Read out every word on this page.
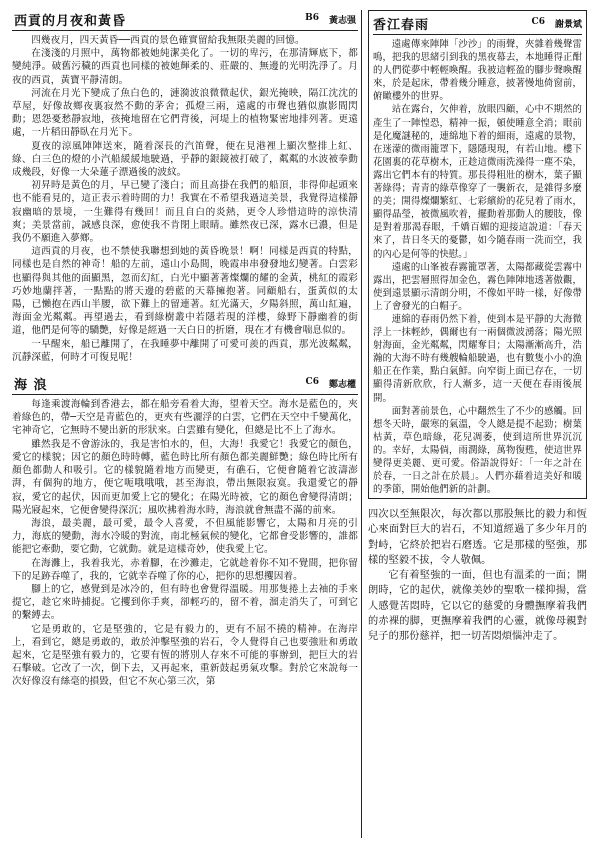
西貢的月夜和黃昏	B6 黃志强

四幾夜月，四天黃昏──西貢的景色確實留給我無限美麗的回憶。

在淺淺的月照中，萬物都被她純潔美化了。一切的卑污，在那清輝底下，都變純淨。破舊污穢的西貢也同樣的被她輝柔的、莊嚴的、無邊的光明洗淨了。月夜的西貢，黃寶平靜清朗。

河流在月光下變成了魚白色的，漣漪波浪微微起伏，銀光掩映，隔江沈沈的草屋，好像故鄉夜裏寂然不動的茅舍；孤燈三兩，遠處的市聲也猶似旗影間閃動；恩怨憂愁靜寂地，孩掩地留在它們背後，河堤上的植物緊密地排列著。更遠處，一片稻田靜臥在月光下。

夏夜的涼風陣陣送來，隨着深長的汽笛聲，便在見港裡上顯次整排上紅、綠、白三色的燈的小汽船緩緩地駛過，乎靜的銀鏡被打破了，粼粼的水波被拳動成幾段，好像一大朵蓮子漂過後的波紋。

初昇時是黃色的月，早已變了淺白；而且高掛在我們的船頂，非得仰起頭來也不能看見的，這正表示着時間的力！我實在不希望我過這美景，我覺得這樣靜寂幽暗的景境，一生難得有幾回！而且自白的炎熱，更令人珍惜這時的涼快清爽；美景當前，誠感良深，愈使我不肯閉上眼睛。雖然夜已深，露水已濃，但是我仍不願進入夢鄉。

這西貢的月夜，也不禁使我聯想到她的黃昏晚景！啊！同樣是西貢的特點，同樣也是自然的神奇！船的左前，遠山小島間，晚霞串串發發地幻變著。白雲彩也顯得與其他的面顯黑，忽而幻紅，白光中顯著著燦爛的耀的金黃，桃紅的霞彩巧妙地蘭拌著，一點點的將天邊的碧藍的天幕擁抱著。同顧船右，蛋黃似的太陽，已懶抱在西山半腰，欲下難上的留連著。紅光滿天，夕陽斜照，萬山紅遍，海面金光粼粼。再望過去，看到綠樹叢中若隱若現的洋樓，綠野下靜幽着的街道，他們是何等的驕艷，好像是經過一天白日的折磨，現在才有機會喘息似的。

一早醒來，船已離開了，在我睡夢中離開了可愛可羨的西貢，那光波粼粼，沉靜深藍，何時才可復見呢！

海 浪	C6 鄭志權

每逢乘渡海輪到香港去，都在船旁看着大海，望着天空。海水是藍色的，夾着綠色的，帶─天空是青藍色的，更夾有些灑浮的白雲，它們在天空中千變萬化，宅神奇它，它無時不變出新的形狀來。白雲雖有變化，但總是比不上了海水。

雖然我是不會游泳的，我是害怕水的，但，大海！我愛它！我愛它的顏色，愛它的樣貌；因它的顏色時時轉，藍色時比所有顏色都美麗鮮艷；綠色時比所有顏色都動人和吸引。它的樣貌隨着地方而變更，有礁石，它便會隨着它波濤澎湃，有個狗的地方，便它呃哦哦哦，甚至海浪，帶出無限寂寞。我還愛它的靜寂，愛它的起伏，因而更加愛上它的變化；在陽光時被，它的顏色會變得清朗；陽光寢起來，它便會變得深沉；風吹拂着海水時，海浪就會無盡不滿的前來。

海浪，最美麗，最可愛，最令人喜愛，不但風能影響它，太陽和月亮的引力，海底的變動，海水冷暖的對流，南北極氣候的變化，它都會受影響的，誰都能把它牽動，要它動，它就動。就是這樣奇妙，使我愛上它。

在海灘上，我着我光，赤着腳，在沙灘走，它就趁着你不知不覺間，把你留下的足跡吞噬了，我的，它就幸吞噬了你的心，把你的思想攫因着。

腳上的它，感覺到是冰冷的，但有時也會覺得溫暖。用那隻捲上去袖的手來提它，趁它來時捕捉。它攫到你手爽，卻輕巧的，留不着，溜走消失了，可到它的繫縛去。

它是勇敢的，它是堅強的，它是有毅力的，更有不屈不撓的精神。在海岸上，看到它，總是勇敢的，敢於沖擊堅強的岩石，令人覺得自己也要強壯和勇敢起來，它是堅強有毅力的，它要有恆的將別人存來不可能的事辦到，把巨大的岩石擊破。它改了一次，倒下去，又再起來，重新鼓起勇氣攻擊。對於它來說每一次好像沒有絲毫的損毀，但它不灰心第三次，第

香江春雨	C6 謝景斌

遠處傳來陣陣「沙沙」的雨聲，夾雜着幾聲雷鳴，把我的思緒引到我的黑夜幕去，本地睡得正酣的人們從夢中輕輕喚醒。我被這輕盈的腳步聲喚醒來，於是起床，帶着幾分睡意，披著慢地倚窗前，俯瞰樓外的世界。

站在露台，欠伸着，放眼四顧，心中不期然的產生了一陣惶恐，精神一振，頓使睡意全消；眼前是化魔謎秘的，連綿地下着的細雨，遠處的景物，在迷濛的微雨籠罩下，隱隱現現，有若山地。樓下花園裏的花草樹木，正趁這微雨洗澡得一塵不染，露出它們本有的特質。那長得粗壯的樹木，葉子顯著綠得；青青的綠草像穿了一襲新衣，是雜得多麼的美；開得燦爛繁紅、七彩繽紛的花兒着了雨水，顯得晶瑩，被微風吹着，擺動着那動人的腰肢，像是對着那渴春眼，千嬌百媚的迎接這說道：「春天來了，昔日冬天的憂鬱，如今隨春雨一洗而空，我的內心是何等的快慰。」

遠處的山峯被春霧籠罩著，太陽都藏從雲霧中露出，把雲層照得加金色，霧色陣陣地透著傲觀，使到遠景顯示清朗分明，不像如平時一樣，好像帶上了會發光的白帽子。

連綿的春雨仍然下着，使到本是平靜的大海微浮上一抹輕紗，偶爾也有一兩個微波湧落；陽光照射海面，金光粼粼，閃耀奪目；太陽漸漸高升，浩瀚的大海不時有幾艘輪船駛過，也有數隻小小的漁船正在作業，點白氣鮮。向窄街上面已存在，一切顯得清新欣欣，行人漸多，這一天便在春雨後展開。

面對著前景色，心中翻然生了不少的感觸。回想冬天時，嚴寒的氣溫，令人總是提不起勁；樹葉枯黃，草色暗綠，花兒凋萎，使到這所世界沉沉的。幸好，太陽倘，雨潤綠，萬物復甦，使這世界變得更美麗、更可愛。俗語說得好：「一年之計在於春，一日之計在於晨」。人們亦藉着這美好和暖的季節，開始他們新的計劃。

四次以至無限次，每次都以那股無比的毅力和恆心來面對巨大的岩石，不知道經過了多少年月的對峙，它終於把岩石磨透。它是那樣的堅強，那樣的堅毅不拔，令人敬佩。

它有着堅強的一面，但也有溫柔的一面；開朗時，它的起伏，就像美妙的聖歌一樣抑揚，當人感覺苦悶時，它以它的慈愛的身體撫摩着我們的赤裸的脚，更撫摩着我們的心靈，就像母親對兒子的那份慈祥，把一切苦悶煩惱沖走了。
